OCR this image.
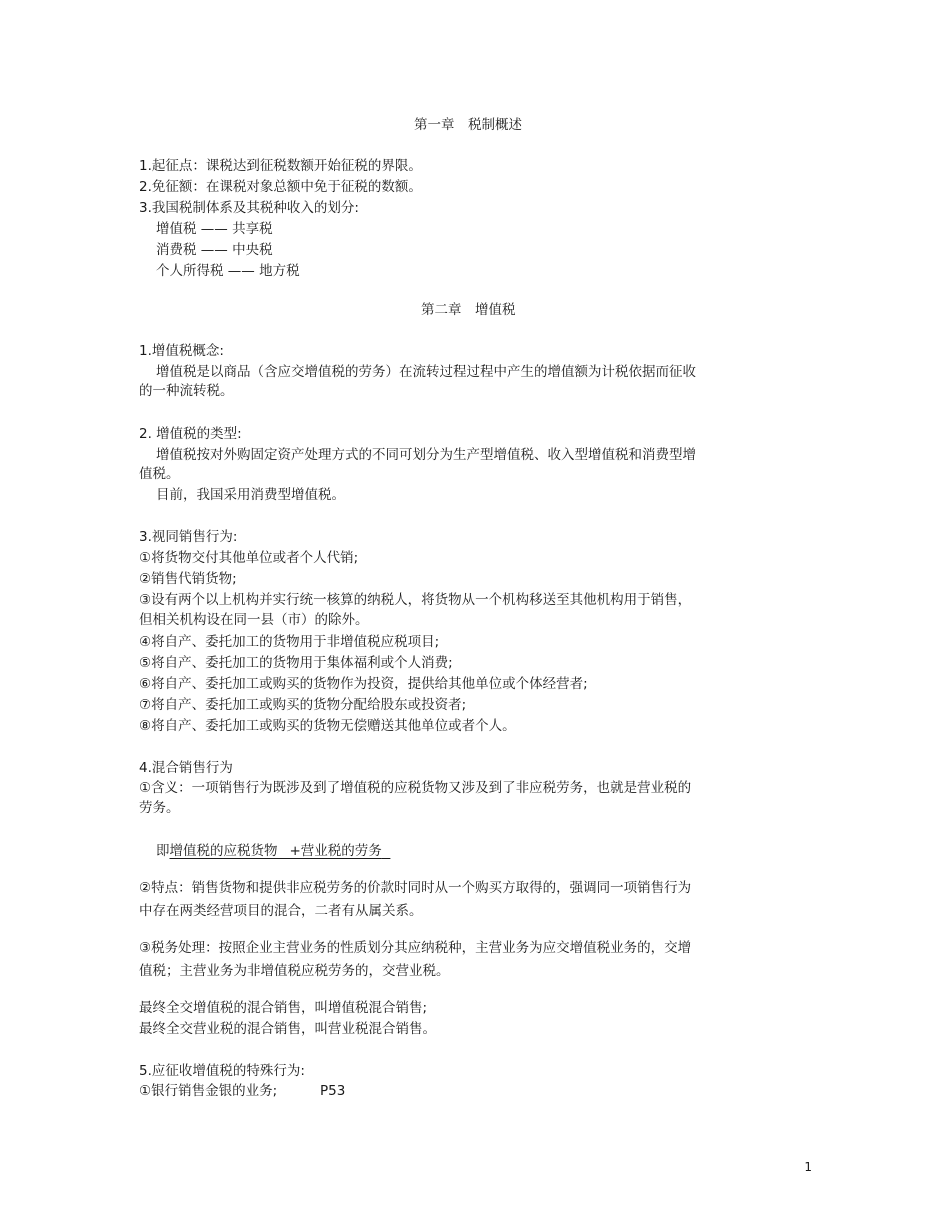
第一章　税制概述
1.起征点：课税达到征税数额开始征税的界限。
2.免征额：在课税对象总额中免于征税的数额。
3.我国税制体系及其税种收入的划分:
增值税 —— 共享税
消费税 —— 中央税
个人所得税 —— 地方税
第二章　增值税
1.增值税概念:
增值税是以商品（含应交增值税的劳务）在流转过程过程中产生的增值额为计税依据而征收
的一种流转税。
2. 增值税的类型:
增值税按对外购固定资产处理方式的不同可划分为生产型增值税、收入型增值税和消费型增
值税。
目前，我国采用消费型增值税。
3.视同销售行为:
①将货物交付其他单位或者个人代销;
②销售代销货物;
③设有两个以上机构并实行统一核算的纳税人，将货物从一个机构移送至其他机构用于销售，
但相关机构设在同一县（市）的除外。
④将自产、委托加工的货物用于非增值税应税项目;
⑤将自产、委托加工的货物用于集体福利或个人消费;
⑥将自产、委托加工或购买的货物作为投资，提供给其他单位或个体经营者;
⑦将自产、委托加工或购买的货物分配给股东或投资者;
⑧将自产、委托加工或购买的货物无偿赠送其他单位或者个人。
4.混合销售行为
①含义：一项销售行为既涉及到了增值税的应税货物又涉及到了非应税劳务，也就是营业税的
劳务。
即增值税的应税货物 +营业税的劳务
②特点：销售货物和提供非应税劳务的价款时同时从一个购买方取得的，强调同一项销售行为
中存在两类经营项目的混合，二者有从属关系。
③税务处理：按照企业主营业务的性质划分其应纳税种，主营业务为应交增值税业务的，交增
值税；主营业务为非增值税应税劳务的，交营业税。
最终全交增值税的混合销售，叫增值税混合销售;
最终全交营业税的混合销售，叫营业税混合销售。
5.应征收增值税的特殊行为:
①银行销售金银的业务;	P53
1
